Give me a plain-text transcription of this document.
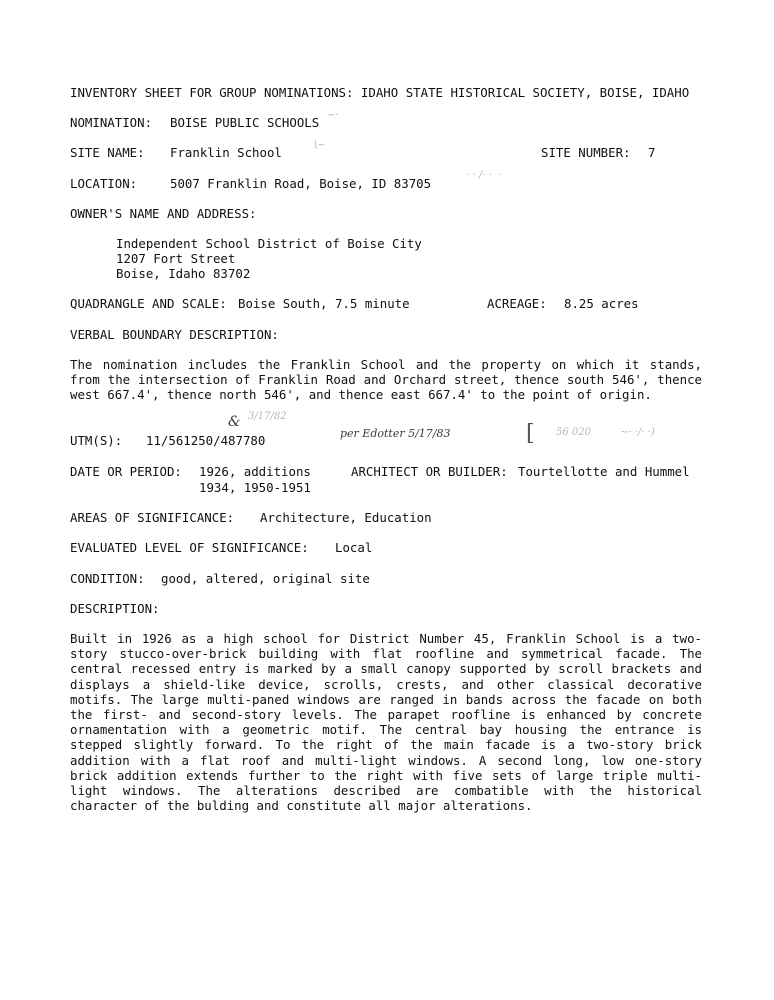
INVENTORY SHEET FOR GROUP NOMINATIONS: IDAHO STATE HISTORICAL SOCIETY, BOISE, IDAHO
NOMINATION: BOISE PUBLIC SCHOOLS ~·
SITE NAME: Franklin School	SITE NUMBER: 7
\~
LOCATION:	5007 Franklin Road, Boise, ID 83705
· · /· ·  ·
OWNER'S NAME AND ADDRESS:
Independent School District of Boise City
1207 Fort Street
Boise, Idaho 83702
QUADRANGLE AND SCALE: Boise South, 7.5 minute	ACREAGE: 8.25 acres
VERBAL BOUNDARY DESCRIPTION:
The nomination includes the Franklin School and the property on which it stands, from the intersection of Franklin Road and Orchard street, thence south 546', thence west 667.4', thence north 546', and thence east 667.4' to the point of origin.
UTM(S): 11/561250/487780
3/17/82
&
per Edotter 5/17/83	[ 56 020	~· ·/· ·)
DATE OR PERIOD: 1926, additions
1934, 1950-1951
ARCHITECT OR BUILDER: Tourtellotte and Hummel
AREAS OF SIGNIFICANCE: Architecture, Education
EVALUATED LEVEL OF SIGNIFICANCE: Local
CONDITION: good, altered, original site
DESCRIPTION:
Built in 1926 as a high school for District Number 45, Franklin School is a two-story stucco-over-brick building with flat roofline and symmetrical facade. The central recessed entry is marked by a small canopy supported by scroll brackets and displays a shield-like device, scrolls, crests, and other classical decorative motifs. The large multi-paned windows are ranged in bands across the facade on both the first- and second-story levels. The parapet roofline is enhanced by concrete ornamentation with a geometric motif. The central bay housing the entrance is stepped slightly forward. To the right of the main facade is a two-story brick addition with a flat roof and multi-light windows. A second long, low one-story brick addition extends further to the right with five sets of large triple multi-light windows. The alterations described are combatible with the historical character of the bulding and constitute all major alterations.
